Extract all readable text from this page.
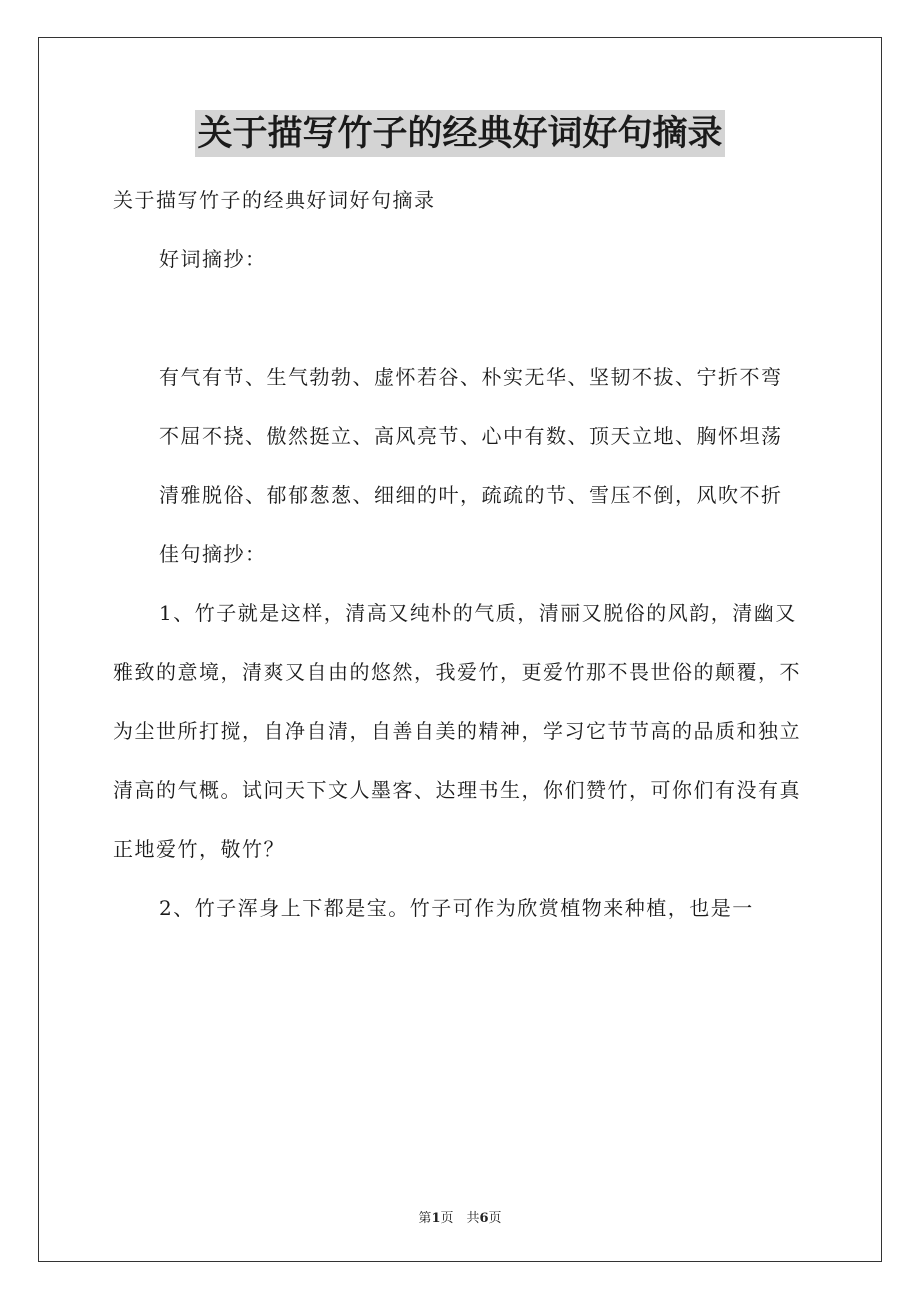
关于描写竹子的经典好词好句摘录

关于描写竹子的经典好词好句摘录

好词摘抄：

有气有节、生气勃勃、虚怀若谷、朴实无华、坚韧不拔、宁折不弯

不屈不挠、傲然挺立、高风亮节、心中有数、顶天立地、胸怀坦荡

清雅脱俗、郁郁葱葱、细细的叶，疏疏的节、雪压不倒，风吹不折

佳句摘抄：

1、竹子就是这样，清高又纯朴的气质，清丽又脱俗的风韵，清幽又雅致的意境，清爽又自由的悠然，我爱竹，更爱竹那不畏世俗的颠覆，不为尘世所打搅，自净自清，自善自美的精神，学习它节节高的品质和独立清高的气概。试问天下文人墨客、达理书生，你们赞竹，可你们有没有真正地爱竹，敬竹？

2、竹子浑身上下都是宝。竹子可作为欣赏植物来种植，也是一

第1页　共6页
